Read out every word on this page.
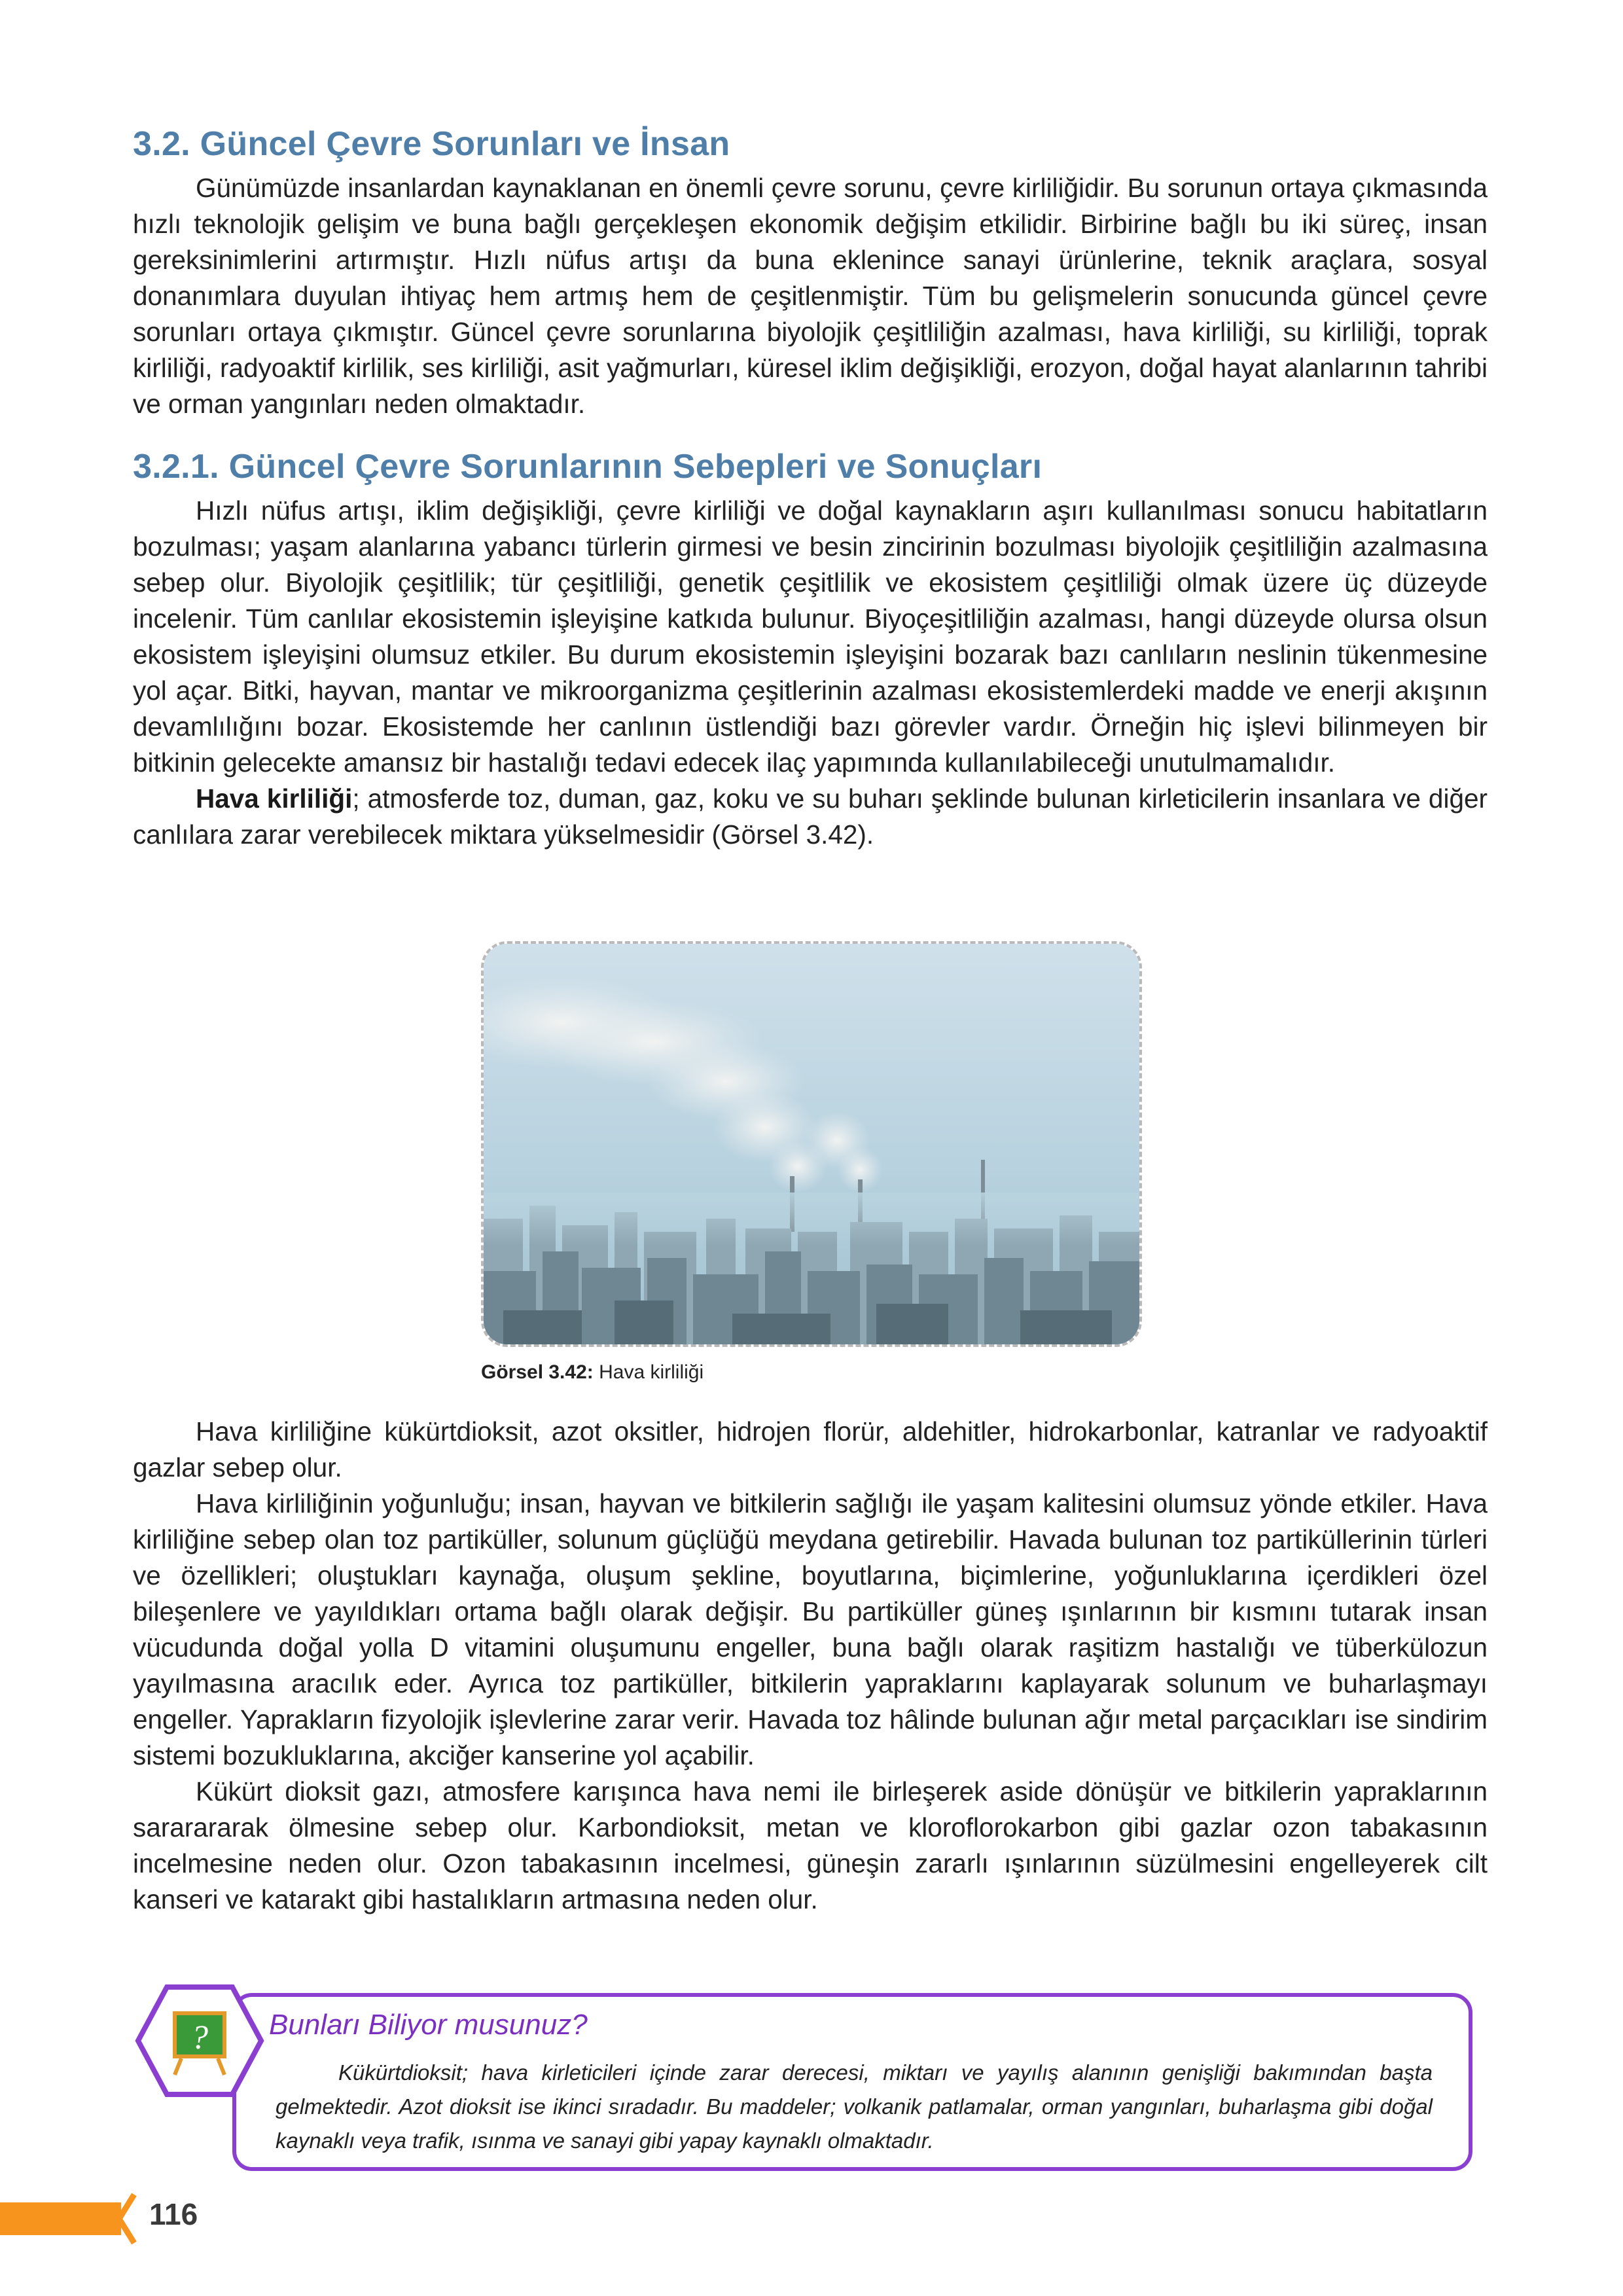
3.2. Güncel Çevre Sorunları ve İnsan

Günümüzde insanlardan kaynaklanan en önemli çevre sorunu, çevre kirliliğidir. Bu sorunun ortaya çıkmasında hızlı teknolojik gelişim ve buna bağlı gerçekleşen ekonomik değişim etkilidir. Birbirine bağlı bu iki süreç, insan gereksinimlerini artırmıştır. Hızlı nüfus artışı da buna eklenince sanayi ürünlerine, teknik araçlara, sosyal donanımlara duyulan ihtiyaç hem artmış hem de çeşitlenmiştir. Tüm bu gelişmelerin sonucunda güncel çevre sorunları ortaya çıkmıştır. Güncel çevre sorunlarına biyolojik çeşitliliğin azalması, hava kirliliği, su kirliliği, toprak kirliliği, radyoaktif kirlilik, ses kirliliği, asit yağmurları, küresel iklim değişikliği, erozyon, doğal hayat alanlarının tahribi ve orman yangınları neden olmaktadır.

3.2.1. Güncel Çevre Sorunlarının Sebepleri ve Sonuçları

Hızlı nüfus artışı, iklim değişikliği, çevre kirliliği ve doğal kaynakların aşırı kullanılması sonucu habitatların bozulması; yaşam alanlarına yabancı türlerin girmesi ve besin zincirinin bozulması biyolojik çeşitliliğin azalmasına sebep olur. Biyolojik çeşitlilik; tür çeşitliliği, genetik çeşitlilik ve ekosistem çeşitliliği olmak üzere üç düzeyde incelenir. Tüm canlılar ekosistemin işleyişine katkıda bulunur. Biyoçeşitliliğin azalması, hangi düzeyde olursa olsun ekosistem işleyişini olumsuz etkiler. Bu durum ekosistemin işleyişini bozarak bazı canlıların neslinin tükenmesine yol açar. Bitki, hayvan, mantar ve mikroorganizma çeşitlerinin azalması ekosistemlerdeki madde ve enerji akışının devamlılığını bozar. Ekosistemde her canlının üstlendiği bazı görevler vardır. Örneğin hiç işlevi bilinmeyen bir bitkinin gelecekte amansız bir hastalığı tedavi edecek ilaç yapımında kullanılabileceği unutulmamalıdır.

Hava kirliliği; atmosferde toz, duman, gaz, koku ve su buharı şeklinde bulunan kirleticilerin insanlara ve diğer canlılara zarar verebilecek miktara yükselmesidir (Görsel 3.42).

Görsel 3.42: Hava kirliliği

Hava kirliliğine kükürtdioksit, azot oksitler, hidrojen florür, aldehitler, hidrokarbonlar, katranlar ve radyoaktif gazlar sebep olur.

Hava kirliliğinin yoğunluğu; insan, hayvan ve bitkilerin sağlığı ile yaşam kalitesini olumsuz yönde etkiler. Hava kirliliğine sebep olan toz partiküller, solunum güçlüğü meydana getirebilir. Havada bulunan toz partiküllerinin türleri ve özellikleri; oluştukları kaynağa, oluşum şekline, boyutlarına, biçimlerine, yoğunluklarına içerdikleri özel bileşenlere ve yayıldıkları ortama bağlı olarak değişir. Bu partiküller güneş ışınlarının bir kısmını tutarak insan vücudunda doğal yolla D vitamini oluşumunu engeller, buna bağlı olarak raşitizm hastalığı ve tüberkülozun yayılmasına aracılık eder. Ayrıca toz partiküller, bitkilerin yapraklarını kaplayarak solunum ve buharlaşmayı engeller. Yaprakların fizyolojik işlevlerine zarar verir. Havada toz hâlinde bulunan ağır metal parçacıkları ise sindirim sistemi bozukluklarına, akciğer kanserine yol açabilir.

Kükürt dioksit gazı, atmosfere karışınca hava nemi ile birleşerek aside dönüşür ve bitkilerin yapraklarının sararararak ölmesine sebep olur. Karbondioksit, metan ve kloroflorokarbon gibi gazlar ozon tabakasının incelmesine neden olur. Ozon tabakasının incelmesi, güneşin zararlı ışınlarının süzülmesini engelleyerek cilt kanseri ve katarakt gibi hastalıkların artmasına neden olur.

Bunları Biliyor musunuz?
Kükürtdioksit; hava kirleticileri içinde zarar derecesi, miktarı ve yayılış alanının genişliği bakımından başta gelmektedir. Azot dioksit ise ikinci sıradadır. Bu maddeler; volkanik patlamalar, orman yangınları, buharlaşma gibi doğal kaynaklı veya trafik, ısınma ve sanayi gibi yapay kaynaklı olmaktadır.
?
116
